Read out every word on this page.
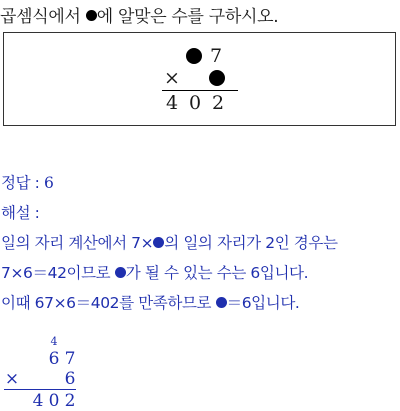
곱셈식에서 에 알맞은 수를 구하시오.
7
×
4 0 2
정답 : 6
해설 :
일의 자리 계산에서 7× 의 일의 자리가 2인 경우는
7×6＝42이므로 가 될 수 있는 수는 6입니다.
이때 67×6＝402를 만족하므로 ＝6입니다.
4
6 7
×	6
4 0 2
